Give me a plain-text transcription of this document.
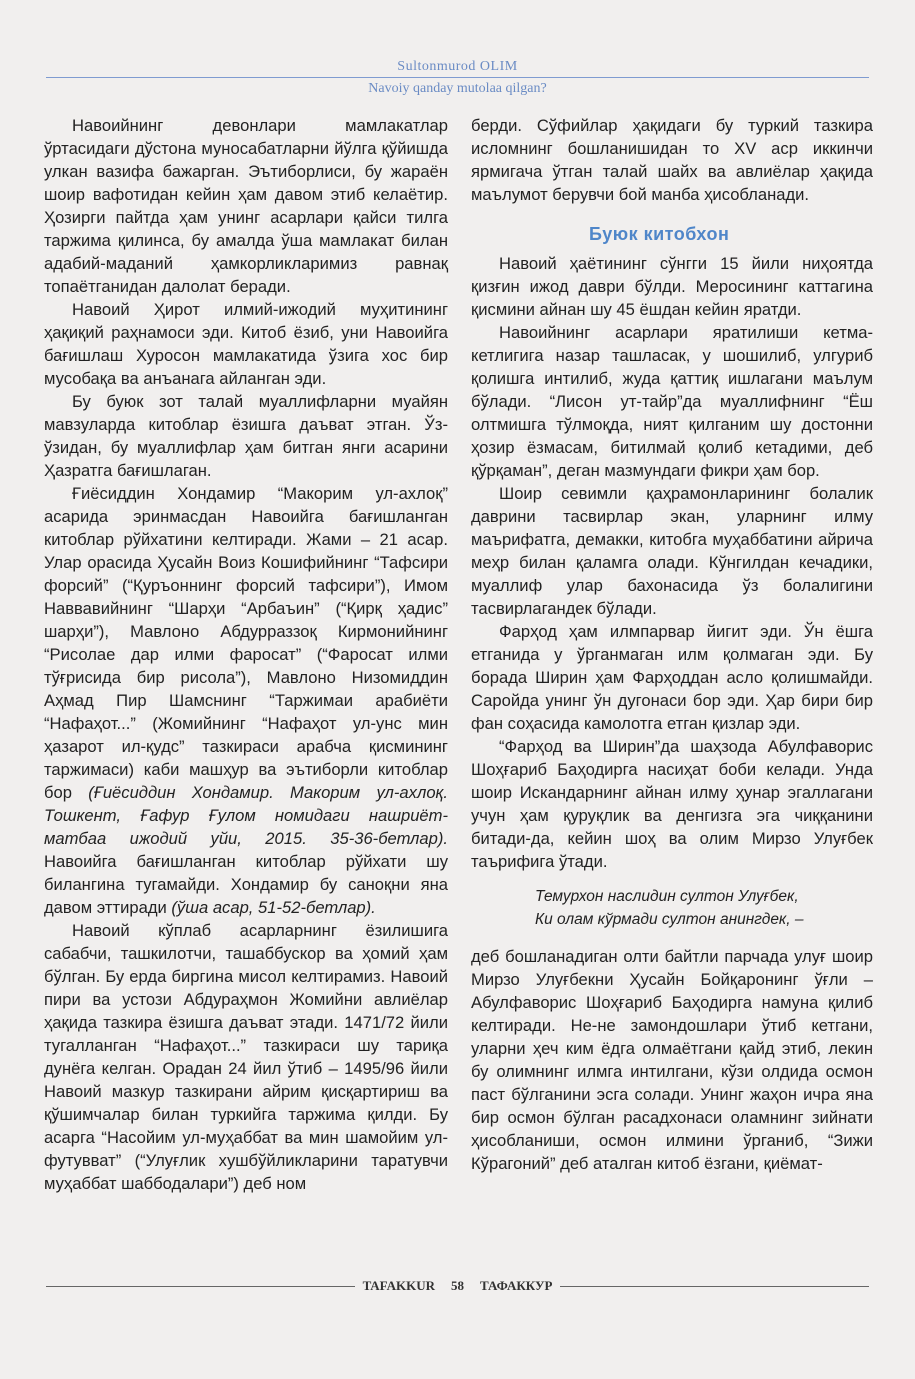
Sultonmurod OLIM
Navoiy qanday mutolaa qilgan?

Навоийнинг девонлари мамлакатлар ўртасидаги дўстона муносабатларни йўлга қўйишда улкан вазифа бажарган. Эътиборлиси, бу жараён шоир вафотидан кейин ҳам давом этиб келаётир. Ҳозирги пайтда ҳам унинг асарлари қайси тилга таржима қилинса, бу амалда ўша мамлакат билан адабий-маданий ҳамкорликларимиз равнақ топаётганидан далолат беради.

Навоий Ҳирот илмий-ижодий муҳитининг ҳақиқий раҳнамоси эди. Китоб ёзиб, уни Навоийга бағишлаш Хуросон мамлакатида ўзига хос бир мусобақа ва анъанага айланган эди.

Бу буюк зот талай муаллифларни муайян мавзуларда китоблар ёзишга даъват этган. Ўз-ўзидан, бу муаллифлар ҳам битган янги асарини Ҳазратга бағишлаган.

Ғиёсиддин Хондамир “Макорим ул-ахлоқ” асарида эринмасдан Навоийга бағишланган китоблар рўйхатини келтиради. Жами – 21 асар. Улар орасида Ҳусайн Воиз Кошифийнинг “Тафсири форсий” (“Қуръоннинг форсий тафсири”), Имом Наввавийнинг “Шарҳи “Арбаъин” (“Қирқ ҳадис” шарҳи”), Мавлоно Абдурраззоқ Кирмонийнинг “Рисолае дар илми фаросат” (“Фаросат илми тўғрисида бир рисола”), Мавлоно Низомиддин Аҳмад Пир Шамснинг “Таржимаи арабиёти “Нафаҳот...” (Жомийнинг “Нафаҳот ул-унс мин ҳазарот ил-қудс” тазкираси арабча қисмининг таржимаси) каби машҳур ва эътиборли китоблар бор (Ғиёсиддин Хондамир. Макорим ул-ахлоқ. Тошкент, Ғафур Ғулом номидаги нашриёт-матбаа ижодий уйи, 2015. 35-36-бетлар). Навоийга бағишланган китоблар рўйхати шу билангина тугамайди. Хондамир бу саноқни яна давом эттиради (ўша асар, 51-52-бетлар).

Навоий кўплаб асарларнинг ёзилишига сабабчи, ташкилотчи, ташаббускор ва ҳомий ҳам бўлган. Бу ерда биргина мисол келтирамиз. Навоий пири ва устози Абдураҳмон Жомийни авлиёлар ҳақида тазкира ёзишга даъват этади. 1471/72 йили тугалланган “Нафаҳот...” тазкираси шу тариқа дунёга келган. Орадан 24 йил ўтиб – 1495/96 йили Навоий мазкур тазкирани айрим қисқартириш ва қўшимчалар билан туркийга таржима қилди. Бу асарга “Насойим ул-муҳаббат ва мин шамойим ул-футувват” (“Улуғлик хушбўйликларини таратувчи муҳаббат шаббодалари”) деб ном

берди. Сўфийлар ҳақидаги бу туркий тазкира исломнинг бошланишидан то XV аср иккинчи ярмигача ўтган талай шайх ва авлиёлар ҳақида маълумот берувчи бой манба ҳисобланади.

Буюк китобхон

Навоий ҳаётининг сўнгги 15 йили ниҳоятда қизғин ижод даври бўлди. Меросининг каттагина қисмини айнан шу 45 ёшдан кейин яратди.

Навоийнинг асарлари яратилиши кетма-кетлигига назар ташласак, у шошилиб, улгуриб қолишга интилиб, жуда қаттиқ ишлагани маълум бўлади. “Лисон ут-тайр”да муаллифнинг “Ёш олтмишга тўлмоқда, ният қилганим шу достонни ҳозир ёзмасам, битилмай қолиб кетадими, деб қўрқаман”, деган мазмундаги фикри ҳам бор.

Шоир севимли қаҳрамонларининг болалик даврини тасвирлар экан, уларнинг илму маърифатга, демакки, китобга муҳаббатини айрича меҳр билан қаламга олади. Кўнгилдан кечадики, муаллиф улар бахонасида ўз болалигини тасвирлагандек бўлади.

Фарҳод ҳам илмпарвар йигит эди. Ўн ёшга етганида у ўрганмаган илм қолмаган эди. Бу борада Ширин ҳам Фарҳоддан асло қолишмайди. Саройда унинг ўн дугонаси бор эди. Ҳар бири бир фан соҳасида камолотга етган қизлар эди.

“Фарҳод ва Ширин”да шаҳзода Абулфаворис Шоҳғариб Баҳодирга насиҳат боби келади. Унда шоир Искандарнинг айнан илму ҳунар эгаллагани учун ҳам қуруқлик ва денгизга эга чиққанини битади-да, кейин шоҳ ва олим Мирзо Улуғбек таърифига ўтади.

Темурхон наслидин султон Улуғбек,
Ки олам кўрмади султон анингдек, –

деб бошланадиган олти байтли парчада улуғ шоир Мирзо Улуғбекни Ҳусайн Бойқаронинг ўғли – Абулфаворис Шоҳғариб Баҳодирга намуна қилиб келтиради. Не-не замондошлари ўтиб кетгани, уларни ҳеч ким ёдга олмаётгани қайд этиб, лекин бу олимнинг илмга интилгани, кўзи олдида осмон паст бўлганини эсга солади. Унинг жаҳон ичра яна бир осмон бўлган расадхонаси оламнинг зийнати ҳисобланиши, осмон илмини ўрганиб, “Зижи Кўрагоний” деб аталган китоб ёзгани, қиёмат-

TAFAKKUR	58	ТАФАККУР
